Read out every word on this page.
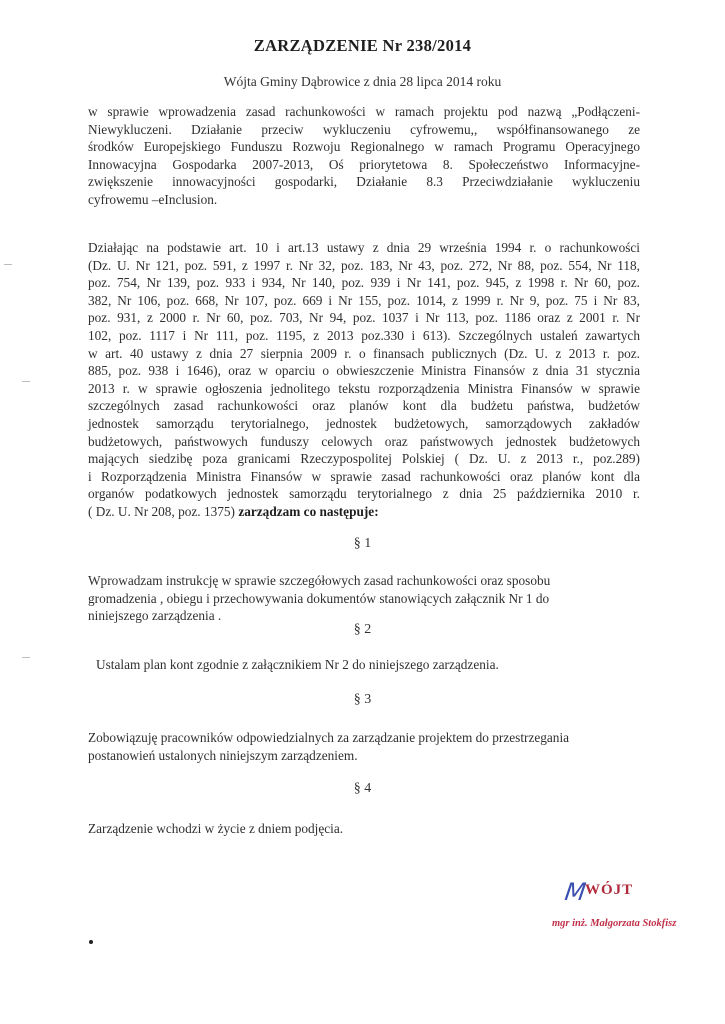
ZARZĄDZENIE Nr 238/2014
Wójta Gminy Dąbrowice z dnia 28 lipca 2014 roku
w sprawie wprowadzenia zasad rachunkowości w ramach projektu pod nazwą „Podłączeni-
Niewykluczeni. Działanie przeciw wykluczeniu cyfrowemu,, współfinansowanego ze
środków Europejskiego Funduszu Rozwoju Regionalnego w ramach Programu Operacyjnego
Innowacyjna Gospodarka 2007-2013, Oś priorytetowa 8. Społeczeństwo Informacyjne-
zwiększenie innowacyjności gospodarki, Działanie 8.3 Przeciwdziałanie wykluczeniu
cyfrowemu –eInclusion.
Działając na podstawie art. 10 i art.13 ustawy z dnia 29 września 1994 r. o rachunkowości
(Dz. U. Nr 121, poz. 591, z 1997 r. Nr 32, poz. 183, Nr 43, poz. 272, Nr 88, poz. 554, Nr 118,
poz. 754, Nr 139, poz. 933 i 934, Nr 140, poz. 939 i Nr 141, poz. 945, z 1998 r. Nr 60, poz.
382, Nr 106, poz. 668, Nr 107, poz. 669 i Nr 155, poz. 1014, z 1999 r. Nr 9, poz. 75 i Nr 83,
poz. 931, z 2000 r. Nr 60, poz. 703, Nr 94, poz. 1037 i Nr 113, poz. 1186 oraz z 2001 r. Nr
102, poz. 1117 i Nr 111, poz. 1195, z 2013 poz.330 i 613). Szczególnych ustaleń zawartych
w art. 40 ustawy z dnia 27 sierpnia 2009 r. o finansach publicznych (Dz. U. z 2013 r. poz.
885, poz. 938 i 1646), oraz w oparciu o obwieszczenie Ministra Finansów z dnia 31 stycznia
2013 r. w sprawie ogłoszenia jednolitego tekstu rozporządzenia Ministra Finansów w sprawie
szczególnych zasad rachunkowości oraz planów kont dla budżetu państwa, budżetów
jednostek samorządu terytorialnego, jednostek budżetowych, samorządowych zakładów
budżetowych, państwowych funduszy celowych oraz państwowych jednostek budżetowych
mających siedzibę poza granicami Rzeczypospolitej Polskiej ( Dz. U. z 2013 r., poz.289)
i Rozporządzenia Ministra Finansów w sprawie zasad rachunkowości oraz planów kont dla
organów podatkowych jednostek samorządu terytorialnego z dnia 25 października 2010 r.
( Dz. U. Nr 208, poz. 1375) zarządzam co następuje:
§ 1
Wprowadzam instrukcję w sprawie szczegółowych zasad rachunkowości oraz sposobu
gromadzenia , obiegu i przechowywania dokumentów stanowiących załącznik Nr 1 do
niniejszego zarządzenia .
§ 2
Ustalam plan kont zgodnie z załącznikiem Nr 2 do niniejszego zarządzenia.
§ 3
Zobowiązuję pracowników odpowiedzialnych za zarządzanie projektem do przestrzegania
postanowień ustalonych niniejszym zarządzeniem.
§ 4
Zarządzenie wchodzi w życie z dniem podjęcia.
M
WÓJT
mgr inż. Małgorzata Stokfisz
